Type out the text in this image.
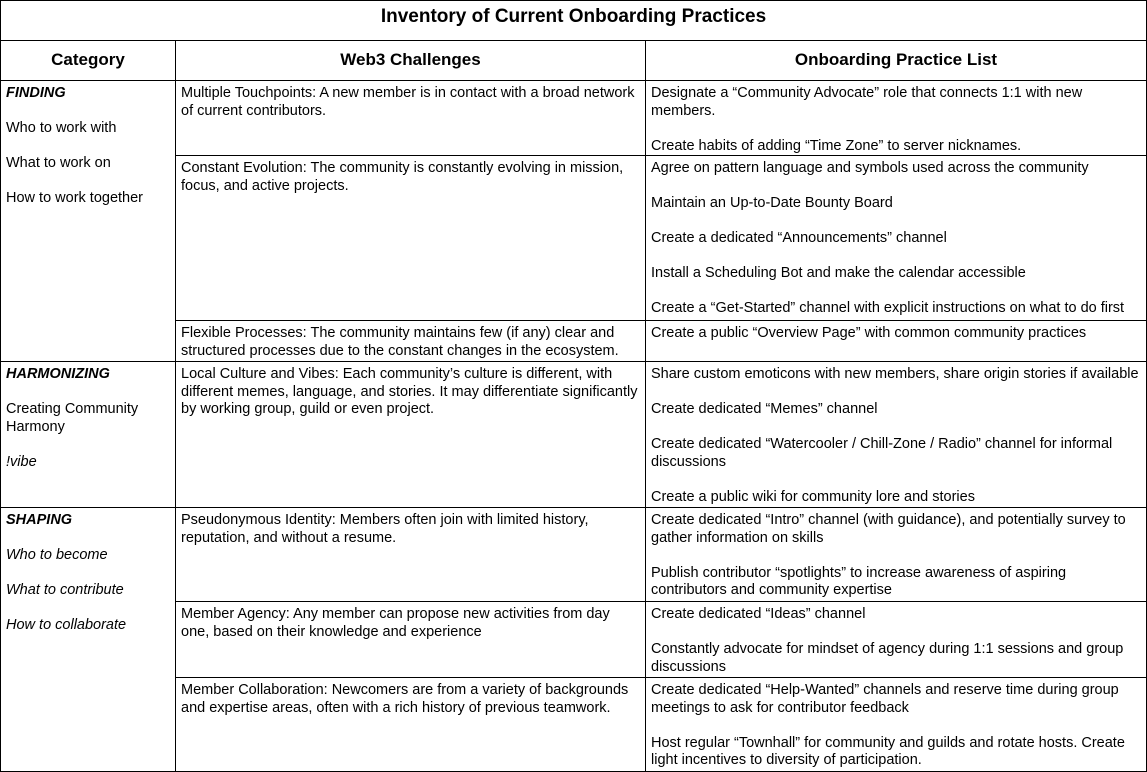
Inventory of Current Onboarding Practices
Category	Web3 Challenges	Onboarding Practice List

FINDING

Who to work with

What to work on

How to work together

HARMONIZING

Creating Community Harmony

!vibe

SHAPING

Who to become

What to contribute

How to collaborate

Multiple Touchpoints: A new member is in contact with a broad network of current contributors.

Designate a “Community Advocate” role that connects 1:1 with new members.

Create habits of adding “Time Zone” to server nicknames.

Constant Evolution: The community is constantly evolving in mission, focus, and active projects.

Agree on pattern language and symbols used across the community

Maintain an Up-to-Date Bounty Board

Create a dedicated “Announcements” channel

Install a Scheduling Bot and make the calendar accessible

Create a “Get-Started” channel with explicit instructions on what to do first

Flexible Processes: The community maintains few (if any) clear and structured processes due to the constant changes in the ecosystem.

Create a public “Overview Page” with common community practices

Local Culture and Vibes: Each community’s culture is different, with different memes, language, and stories. It may differentiate significantly by working group, guild or even project.

Share custom emoticons with new members, share origin stories if available

Create dedicated “Memes” channel

Create dedicated “Watercooler / Chill-Zone / Radio” channel for informal discussions

Create a public wiki for community lore and stories

Pseudonymous Identity: Members often join with limited history, reputation, and without a resume.

Create dedicated “Intro” channel (with guidance), and potentially survey to gather information on skills

Publish contributor “spotlights” to increase awareness of aspiring contributors and community expertise

Member Agency: Any member can propose new activities from day one, based on their knowledge and experience

Create dedicated “Ideas” channel

Constantly advocate for mindset of agency during 1:1 sessions and group discussions

Member Collaboration: Newcomers are from a variety of backgrounds and expertise areas, often with a rich history of previous teamwork.

Create dedicated “Help-Wanted” channels and reserve time during group meetings to ask for contributor feedback

Host regular “Townhall” for community and guilds and rotate hosts. Create light incentives to diversity of participation.
